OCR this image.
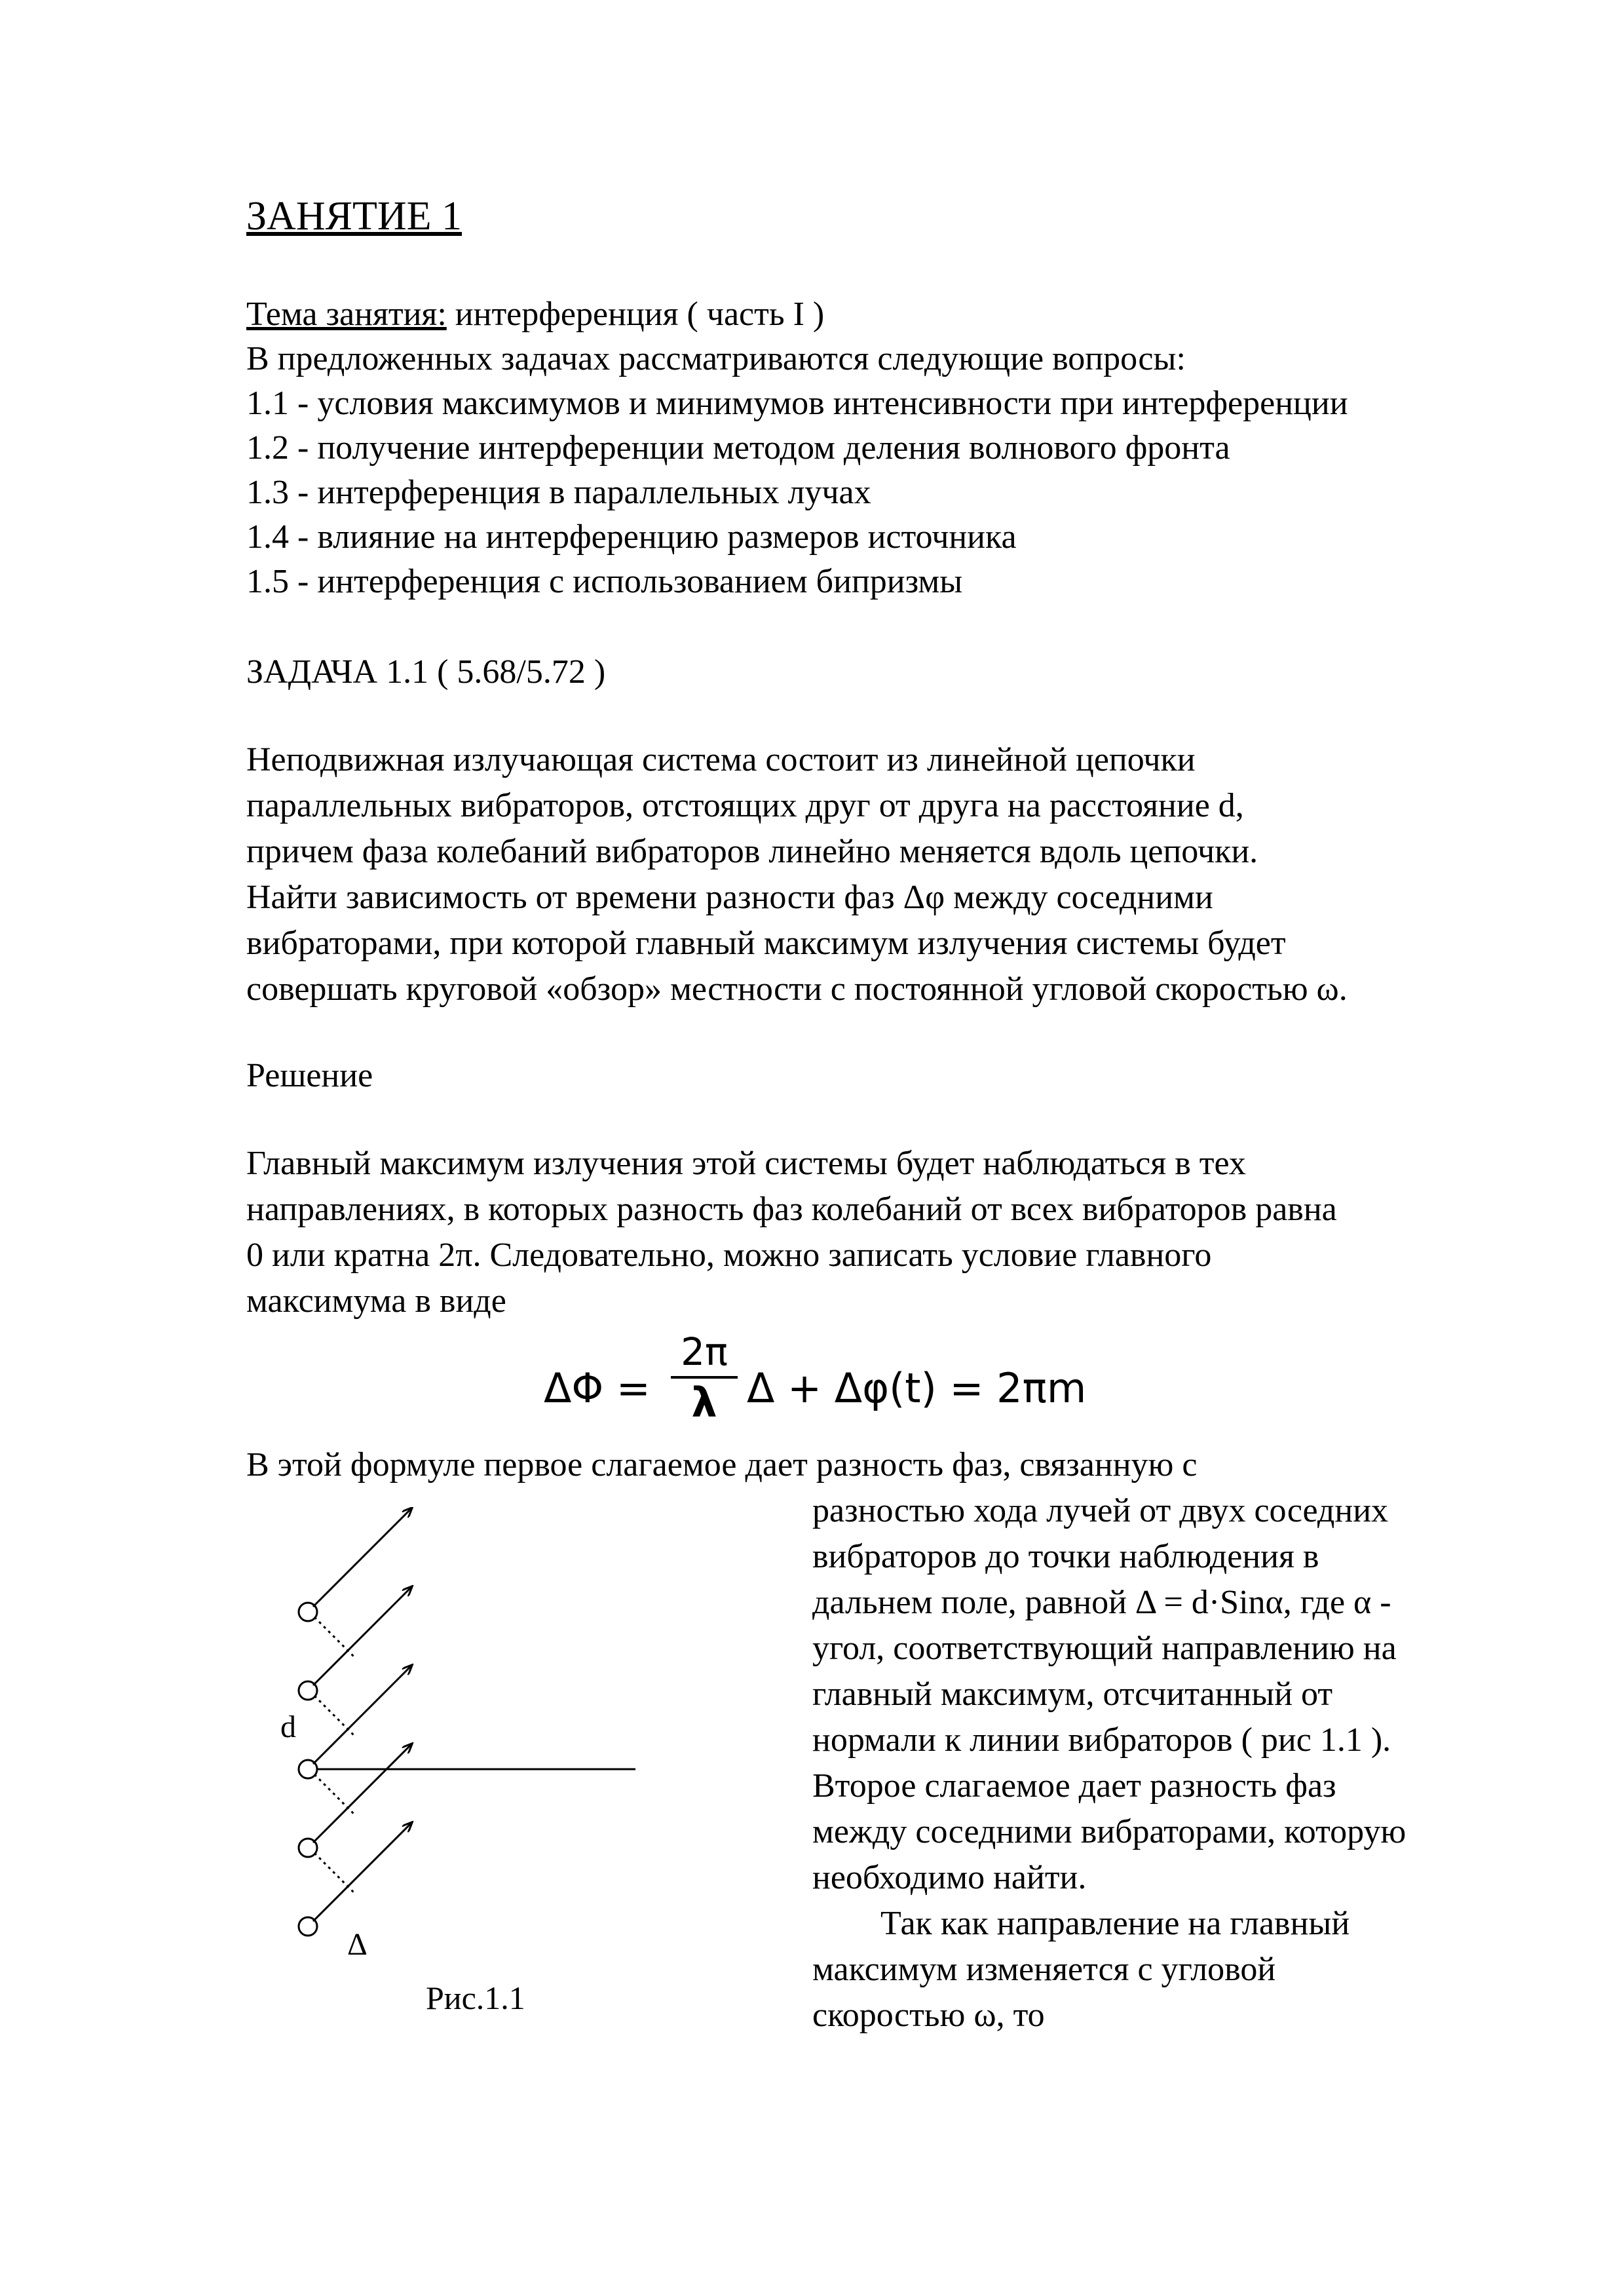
ЗАНЯТИЕ 1
Тема занятия: интерференция ( часть I )
В предложенных задачах рассматриваются следующие вопросы:
1.1 - условия максимумов и минимумов интенсивности при интерференции
1.2 - получение интерференции методом деления волнового фронта
1.3 - интерференция в параллельных лучах
1.4 - влияние на интерференцию размеров источника
1.5 - интерференция с использованием бипризмы
ЗАДАЧА 1.1 ( 5.68/5.72 )
Неподвижная излучающая система состоит из линейной цепочки
параллельных вибраторов, отстоящих друг от друга на расстояние d,
причем фаза колебаний вибраторов линейно меняется вдоль цепочки.
Найти зависимость от времени разности фаз Δφ между соседними
вибраторами, при которой главный максимум излучения системы будет
совершать круговой «обзор» местности с постоянной угловой скоростью ω.
Решение
Главный максимум излучения этой системы будет наблюдаться в тех
направлениях, в которых разность фаз колебаний от всех вибраторов равна
0 или кратна 2π. Следовательно, можно записать условие главного
максимума в виде
ΔΦ =
2π
λ Δ + Δφ(t) = 2πm
В этой формуле первое слагаемое дает разность фаз, связанную с
разностью хода лучей от двух соседних
вибраторов до точки наблюдения в
дальнем поле, равной Δ = d·Sinα, где α -
угол, соответствующий направлению на
главный максимум, отсчитанный от
нормали к линии вибраторов ( рис 1.1 ).
Второе слагаемое дает разность фаз
между соседними вибраторами, которую
необходимо найти.
Так как направление на главный
максимум изменяется с угловой
скоростью ω, то
d
Δ
Рис.1.1
